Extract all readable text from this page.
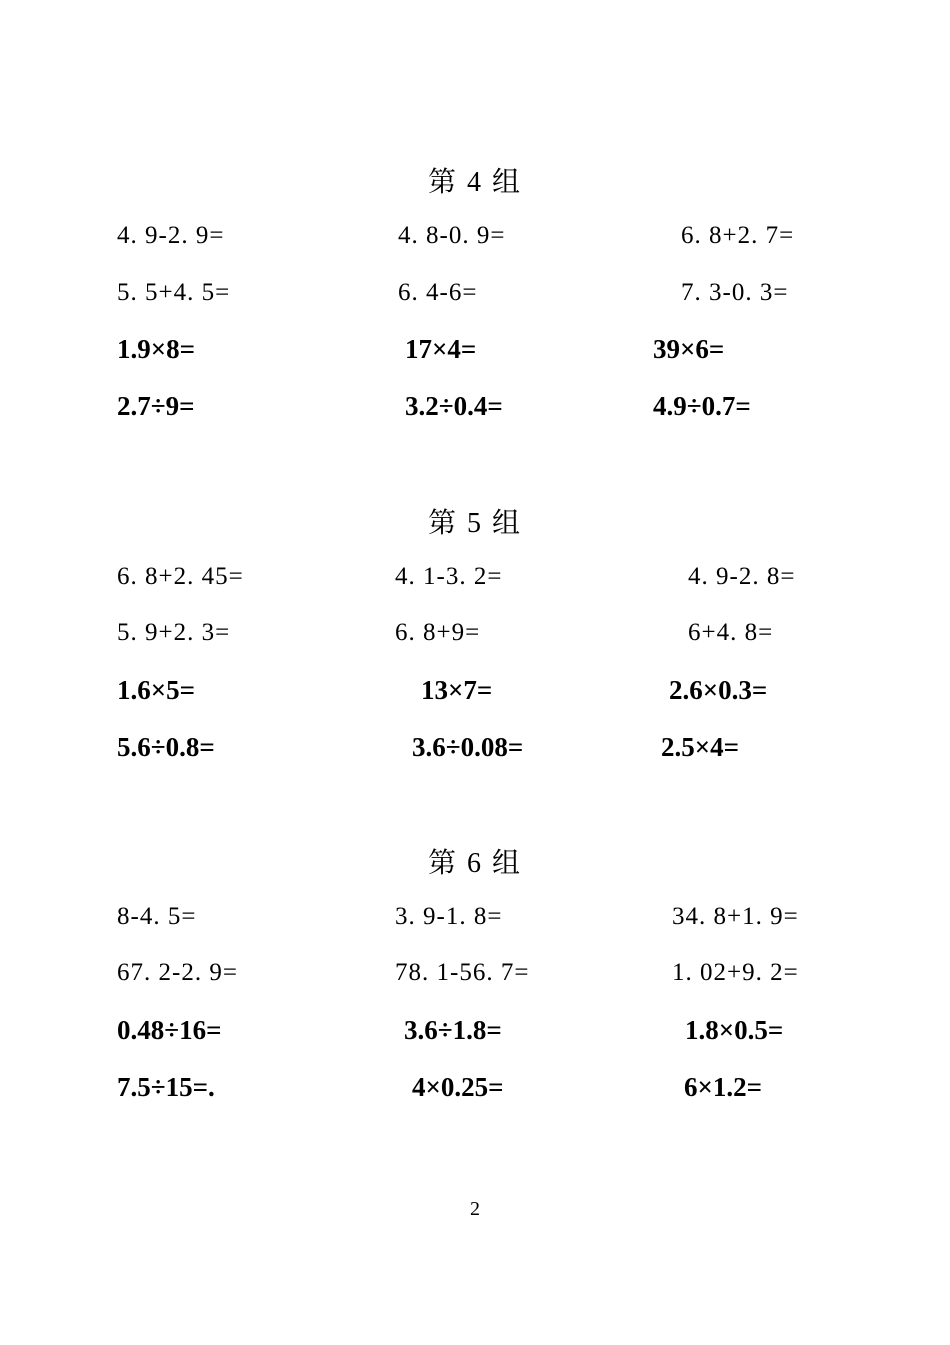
第 4 组
4. 9-2. 9=	4. 8-0. 9=	6. 8+2. 7=
5. 5+4. 5=	6. 4-6=	7. 3-0. 3=
1.9×8=	17×4=	39×6=
2.7÷9=	3.2÷0.4=	4.9÷0.7=
第 5 组
6. 8+2. 45=	4. 1-3. 2=	4. 9-2. 8=
5. 9+2. 3=	6. 8+9=	6+4. 8=
1.6×5=	13×7=	2.6×0.3=
5.6÷0.8=	3.6÷0.08=	2.5×4=
第 6 组
8-4. 5=	3. 9-1. 8=	34. 8+1. 9=
67. 2-2. 9=	78. 1-56. 7=	1. 02+9. 2=
0.48÷16=	3.6÷1.8=	1.8×0.5=
7.5÷15=.	4×0.25=	6×1.2=
2
